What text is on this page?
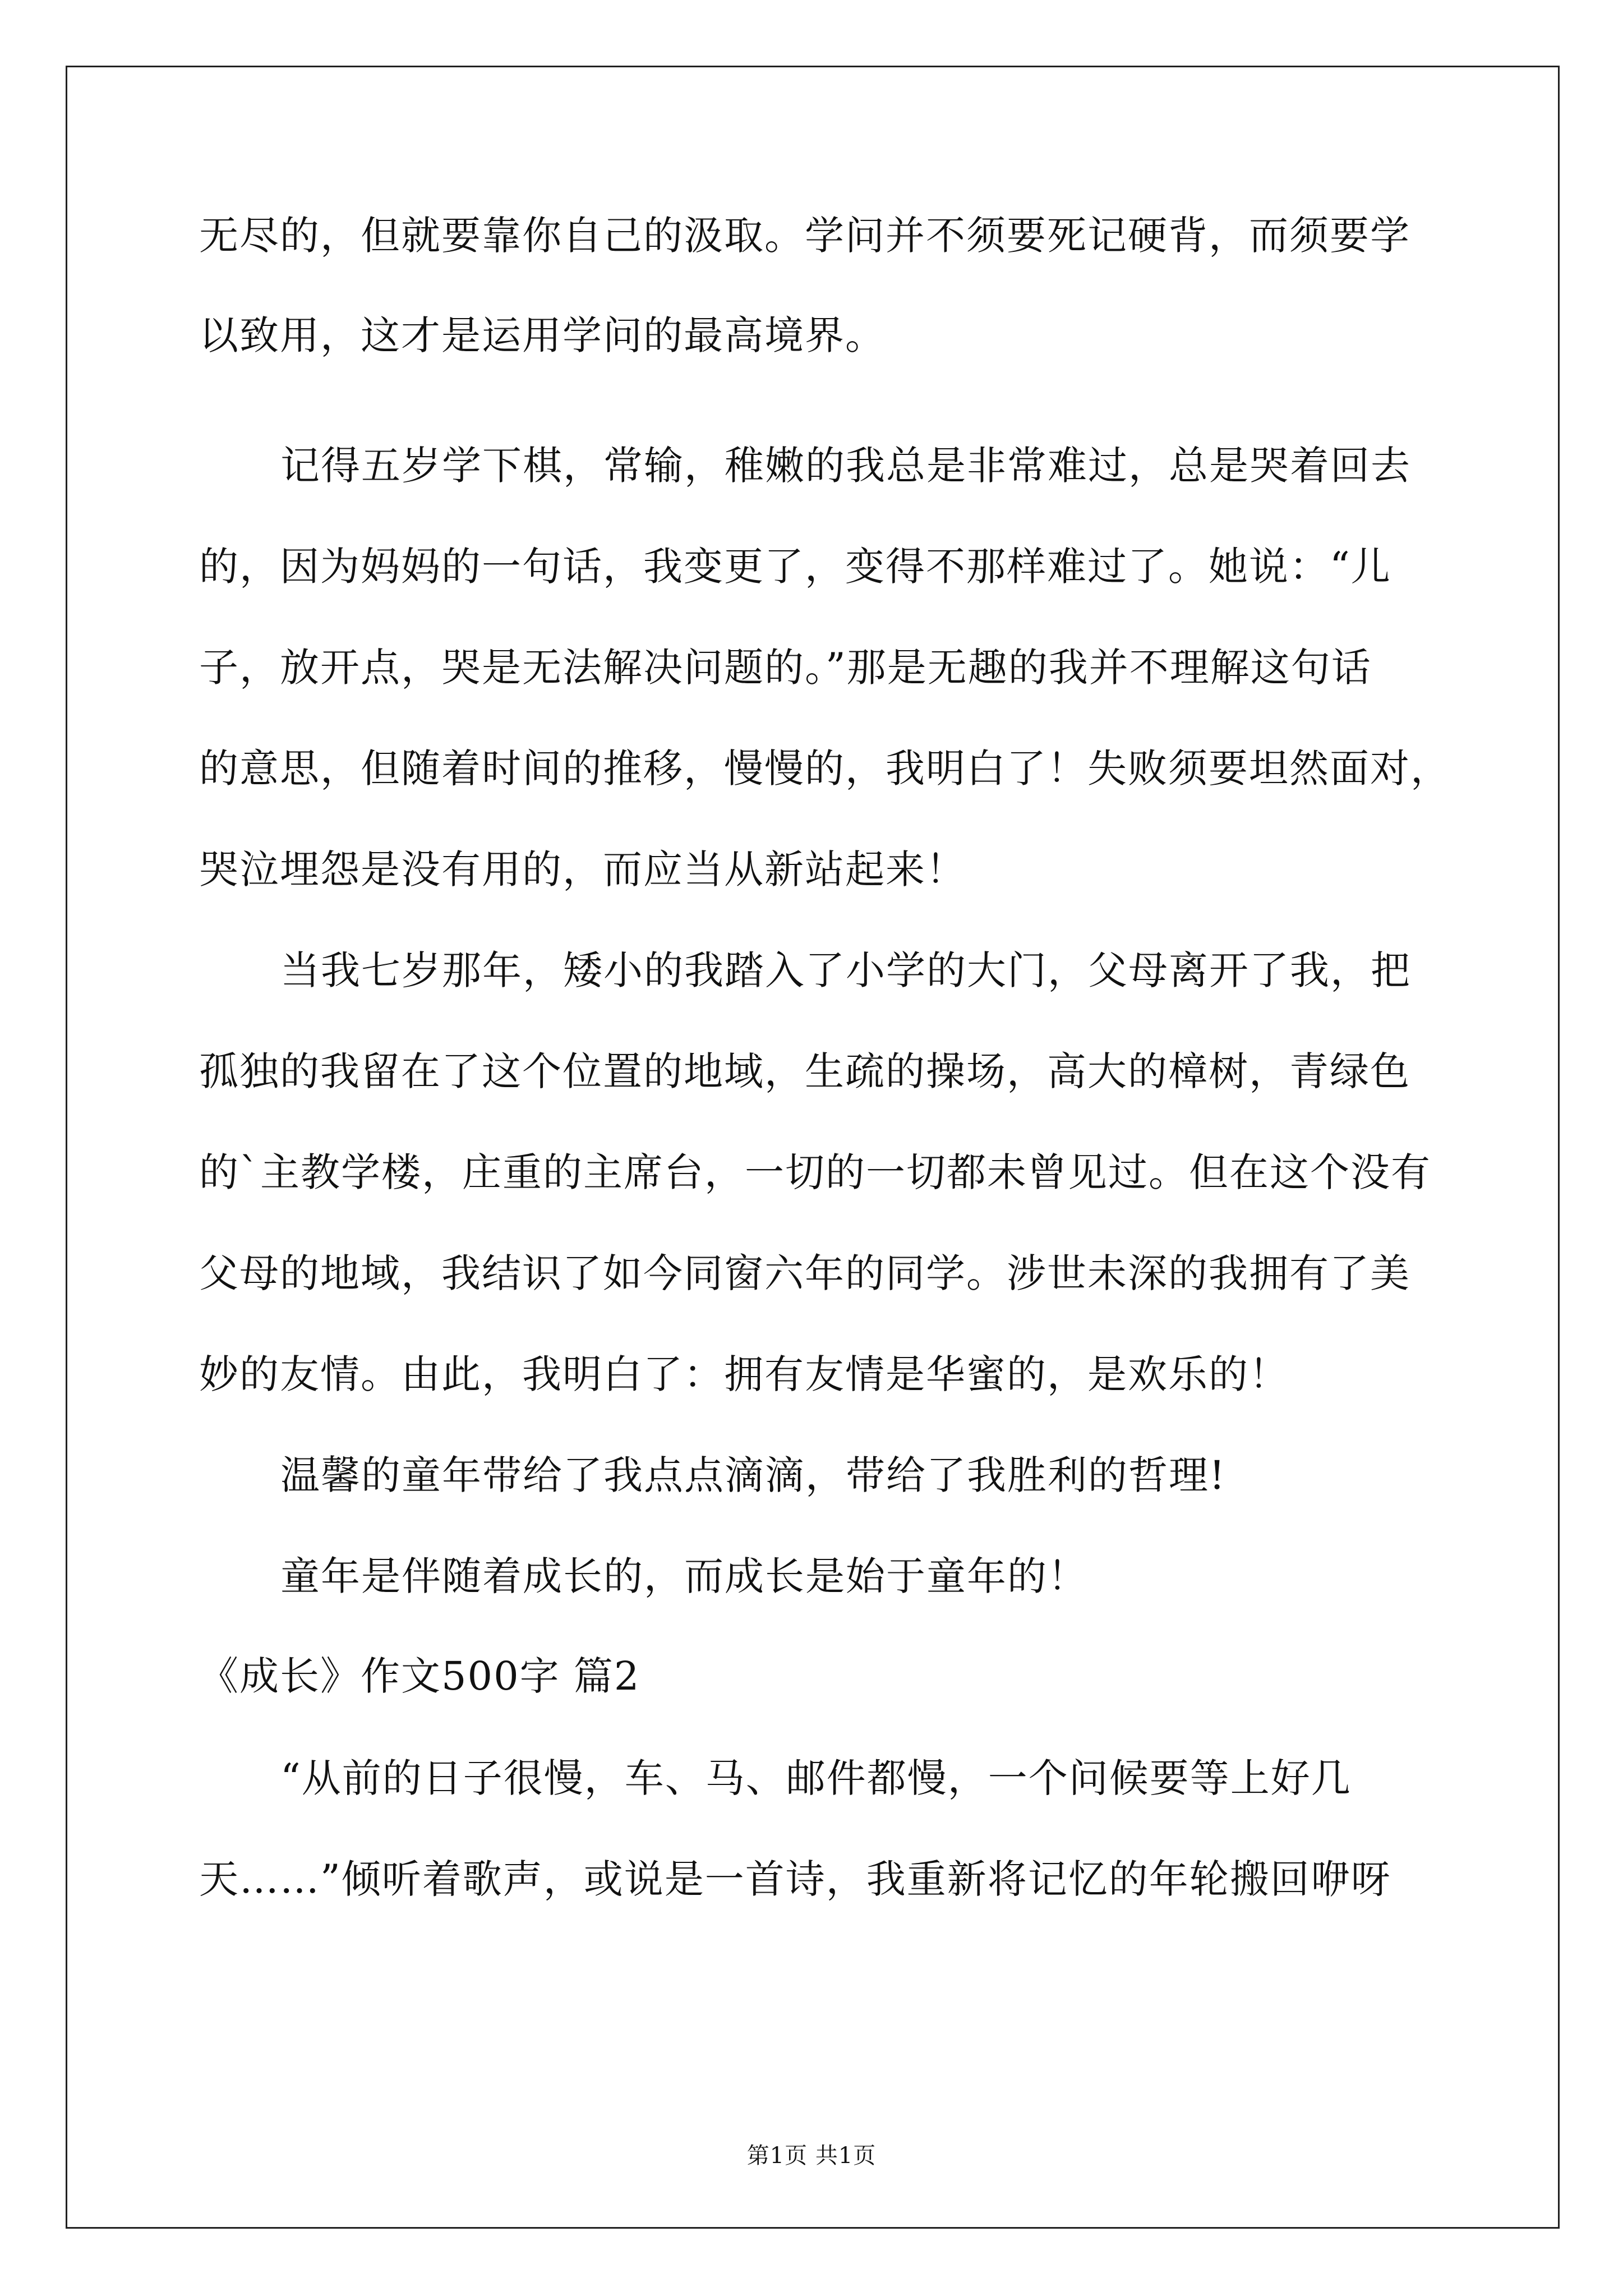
无尽的，但就要靠你自己的汲取。学问并不须要死记硬背，而须要学
以致用，这才是运用学问的最高境界。
记得五岁学下棋，常输，稚嫩的我总是非常难过，总是哭着回去
的，因为妈妈的一句话，我变更了，变得不那样难过了。她说：“儿
子，放开点，哭是无法解决问题的。”那是无趣的我并不理解这句话
的意思，但随着时间的推移，慢慢的，我明白了！失败须要坦然面对，
哭泣埋怨是没有用的，而应当从新站起来！
当我七岁那年，矮小的我踏入了小学的大门，父母离开了我，把
孤独的我留在了这个位置的地域，生疏的操场，高大的樟树，青绿色
的`主教学楼，庄重的主席台，一切的一切都未曾见过。但在这个没有
父母的地域，我结识了如今同窗六年的同学。涉世未深的我拥有了美
妙的友情。由此，我明白了：拥有友情是华蜜的，是欢乐的！
温馨的童年带给了我点点滴滴，带给了我胜利的哲理!
童年是伴随着成长的，而成长是始于童年的！
《成长》作文500字 篇2
“从前的日子很慢，车、马、邮件都慢，一个问候要等上好几
天……”倾听着歌声，或说是一首诗，我重新将记忆的年轮搬回咿呀
第1页 共1页
